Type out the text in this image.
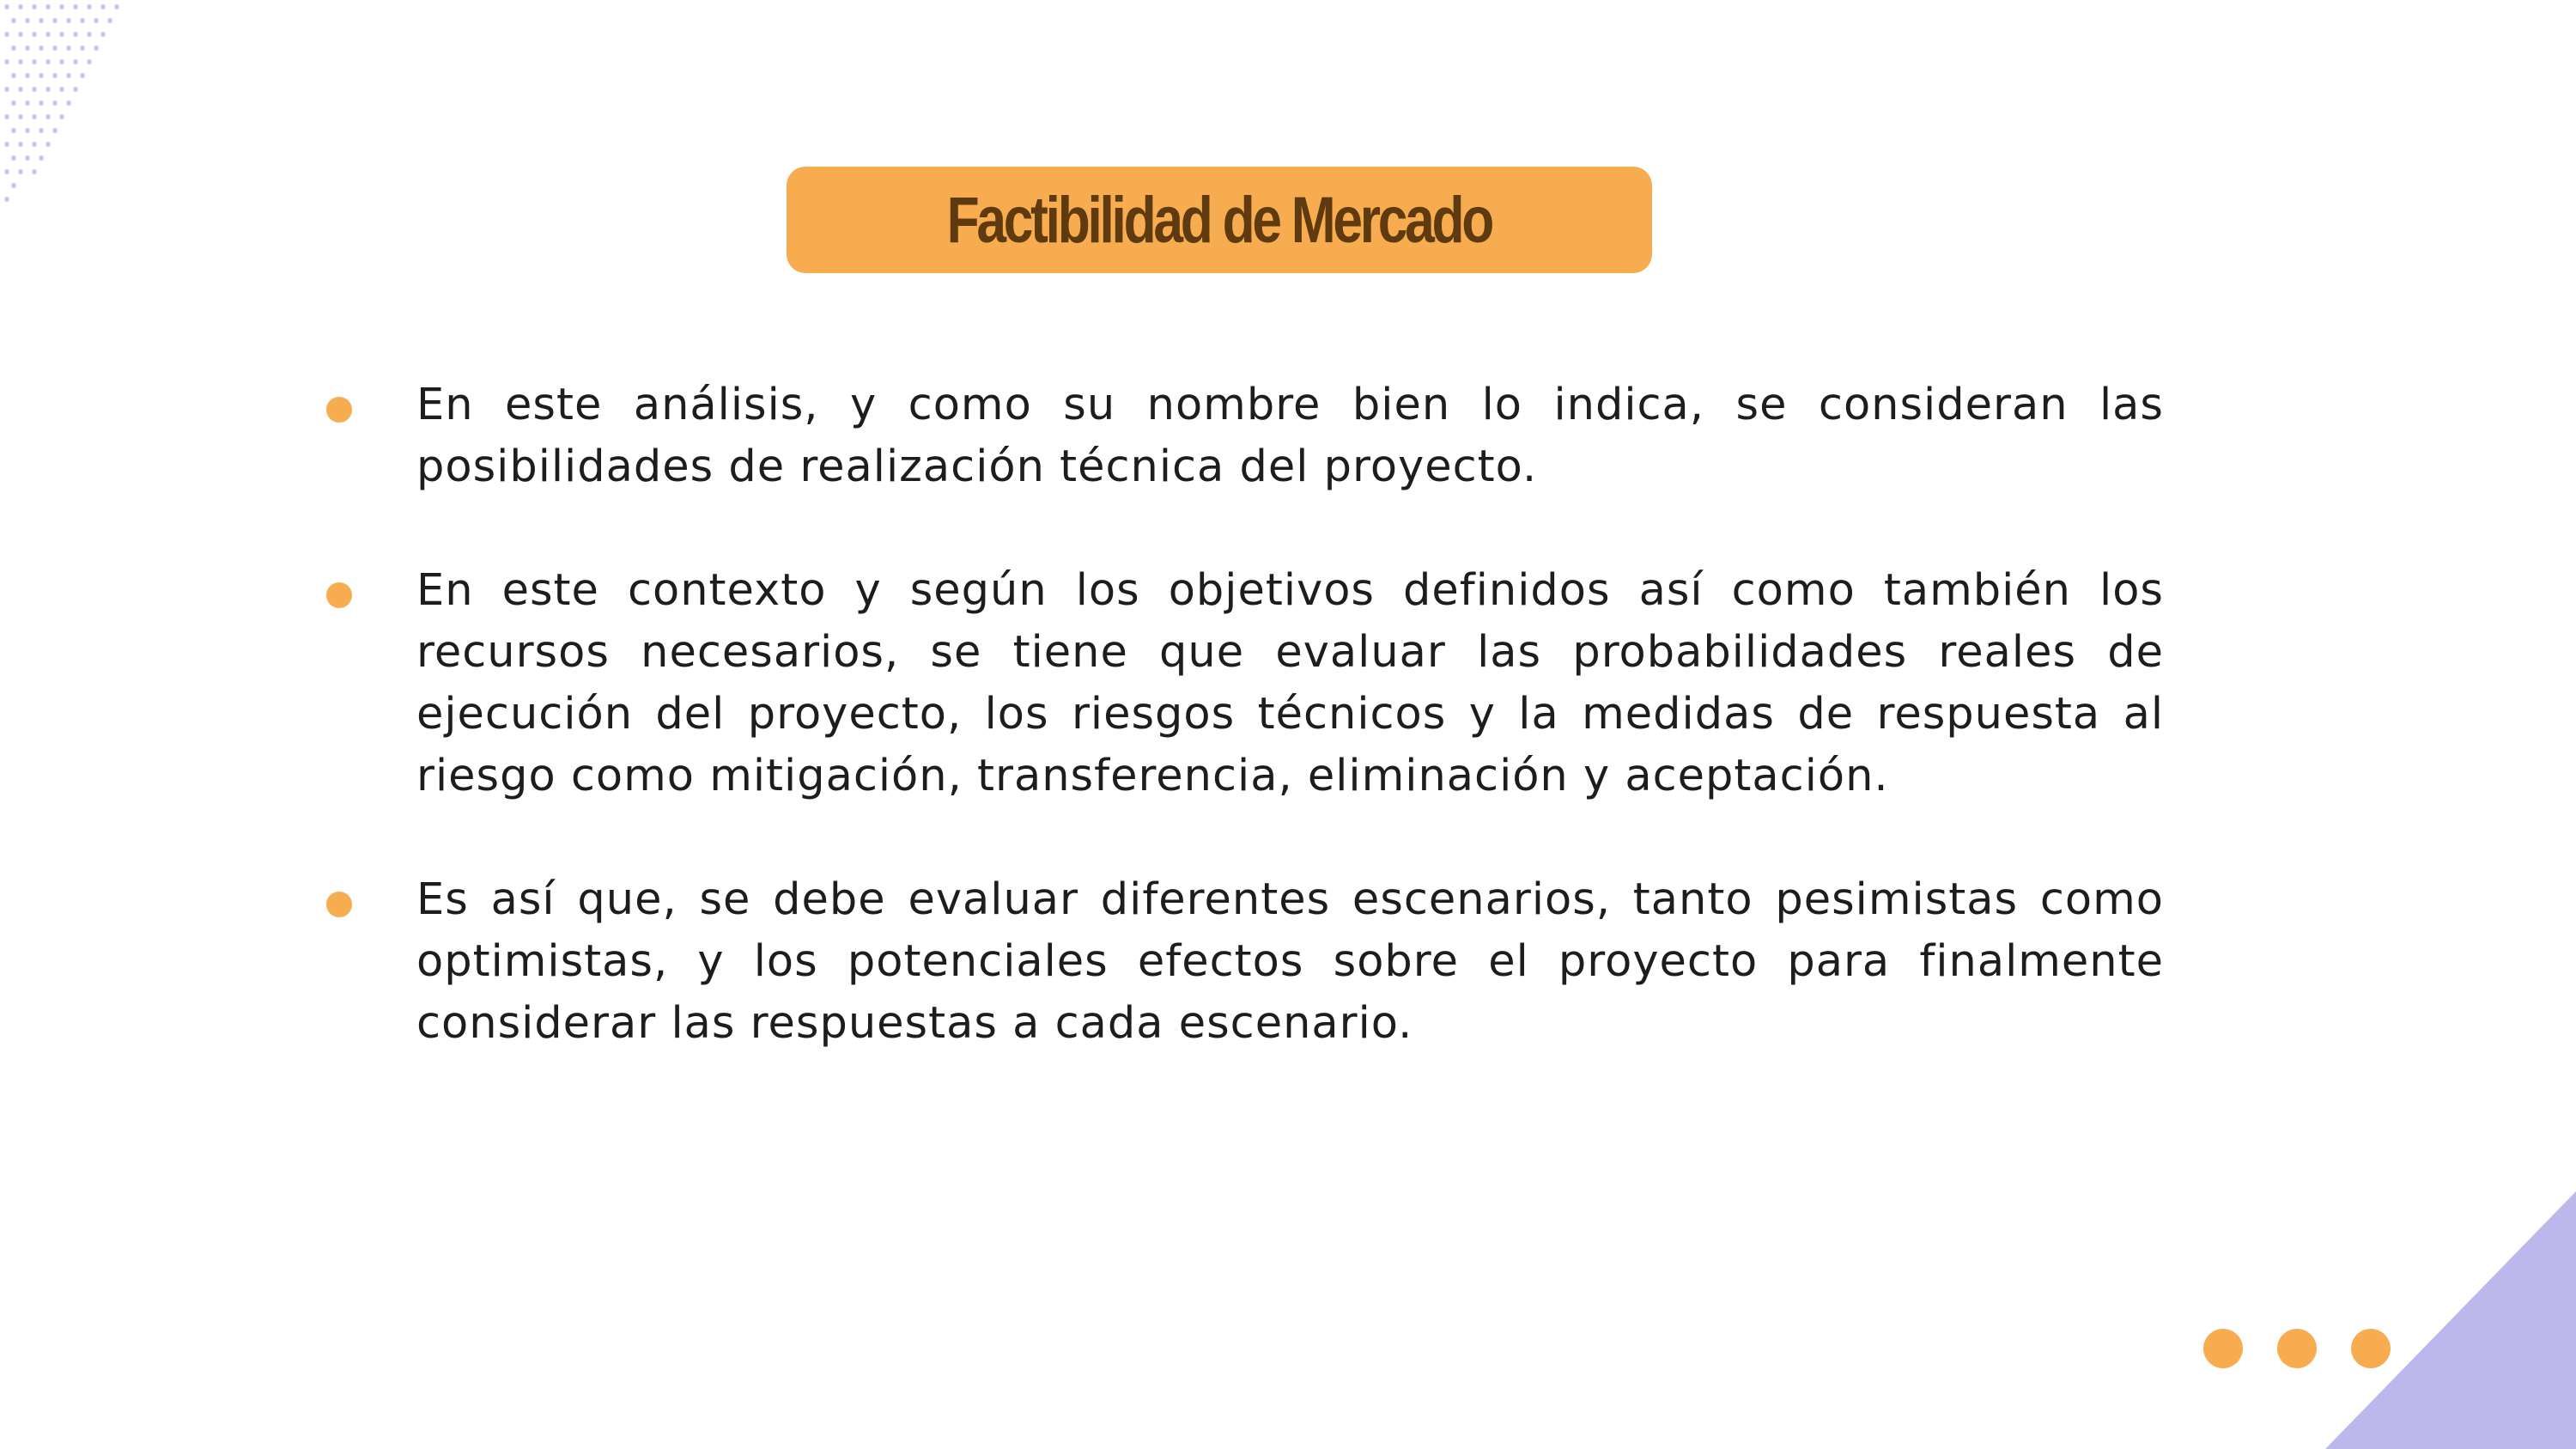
Factibilidad de Mercado
En este análisis, y como su nombre bien lo indica, se consideran las posibilidades de realización técnica del proyecto.
En este contexto y según los objetivos definidos así como también los recursos necesarios, se tiene que evaluar las probabilidades reales de ejecución del proyecto, los riesgos técnicos y la medidas de respuesta al riesgo como mitigación, transferencia, eliminación y aceptación.
Es así que, se debe evaluar diferentes escenarios, tanto pesimistas como optimistas, y los potenciales efectos sobre el proyecto para finalmente considerar las respuestas a cada escenario.
